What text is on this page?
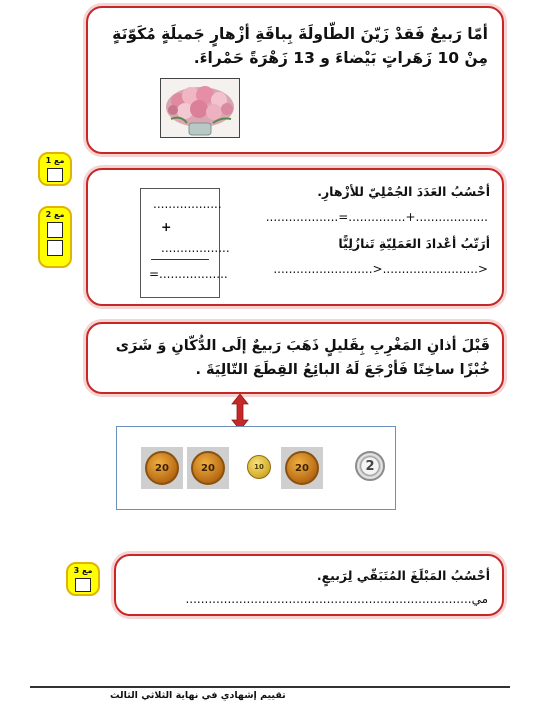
أمّا رَبيعٌ فَقدْ زَيّنَ الطّاولَةَ بِباقَةِ أزْهارٍ جَميلَةٍ مُكَوّنَةٍ
مِنْ 10 زَهَراتٍ بَيْضاءَ و 13 زَهْرَةً حَمْراءَ.
مع 1
مع 2
..................
+
..................
=..................
أحْسُبُ العَدَدَ الجُمْلِيّ للأزْهارِ.
...................=...............+...................
أرَتّبُ أعْدادَ العَمَلِيّةِ تَنازُلِيًّا
..........................>.........................>
قَبْلَ أذانِ المَغْرِبِ بِقَليلٍ ذَهَبَ رَبيعٌ إلَى الدُّكّانِ وَ شَرَى
خُبْزًا ساخِنًا فَأرْجَعَ لَهُ البائِعُ القِطَعَ التّالِيَةَ .
20	20	10	20	2
مع 3	أحْسُبُ المَبْلَغَ المُتَبَقّي لِرَبيعٍ.
مي...........................................................................
تقييم إشهادي في نهاية الثلاثي الثالث
